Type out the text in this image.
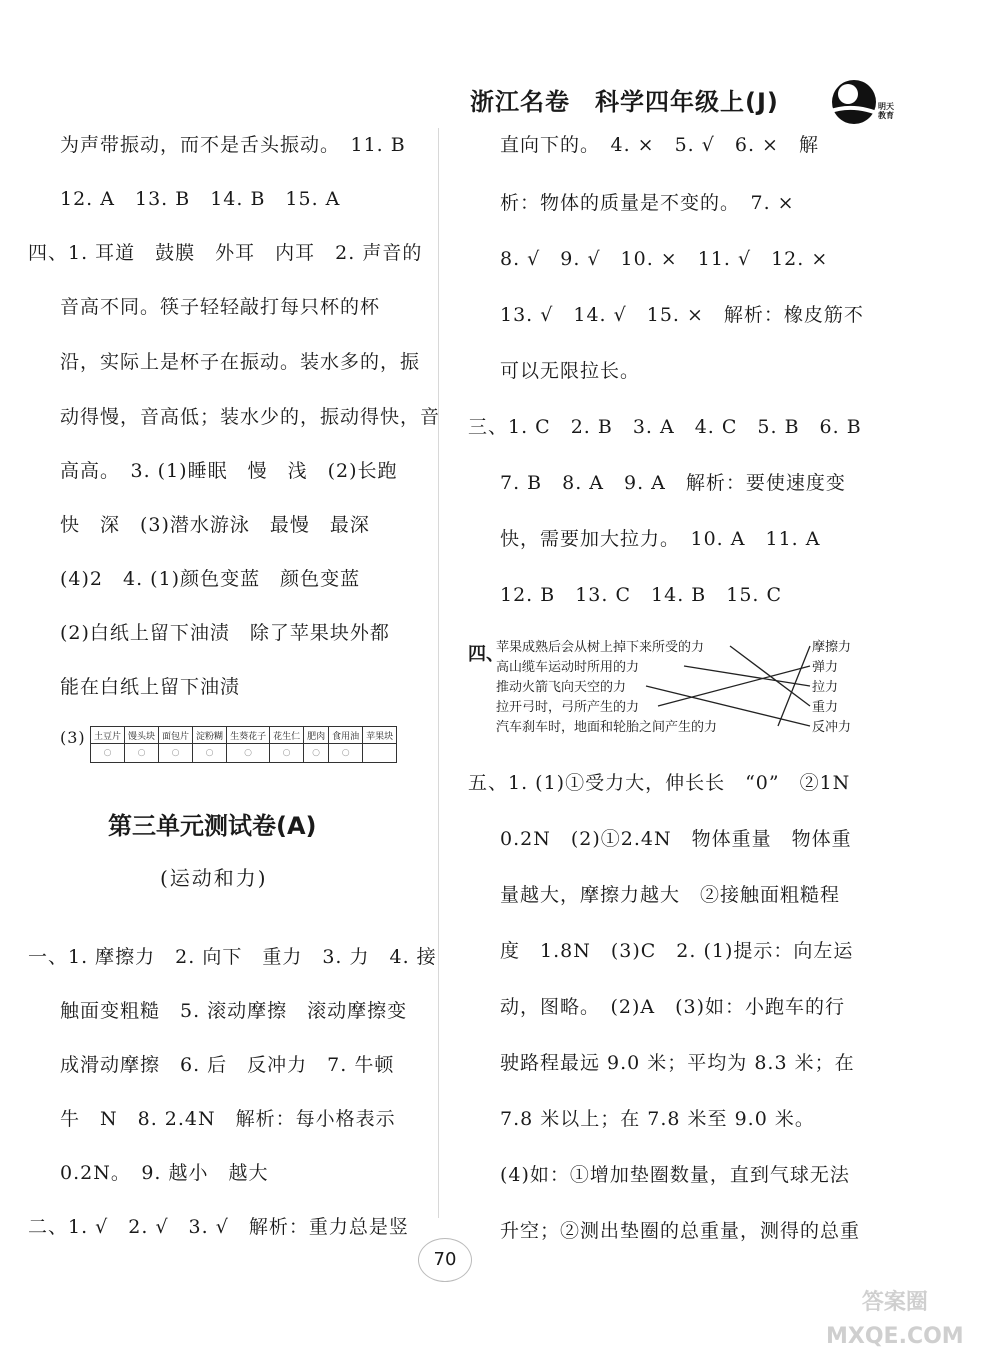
浙江名卷　科学四年级上(J)	明天教育
为声带振动，而不是舌头振动。　11. B
12. A　13. B　14. B　15. A
四、1. 耳道　鼓膜　外耳　内耳　2. 声音的
音高不同。筷子轻轻敲打每只杯的杯
沿，实际上是杯子在振动。装水多的，振
动得慢，音高低；装水少的，振动得快，音
高高。　3. (1)睡眠　慢　浅　(2)长跑
快　深　(3)潜水游泳　最慢　最深
(4)2　4. (1)颜色变蓝　颜色变蓝
(2)白纸上留下油渍　除了苹果块外都
能在白纸上留下油渍
(3) 土豆片	馒头块	面包片	淀粉糊	生葵花子	花生仁	肥肉	食用油	苹果块
○	○	○	○	○	○	○	○	
第三单元测试卷(A)
(运动和力)
一、1. 摩擦力　2. 向下　重力　3. 力　4. 接
触面变粗糙　5. 滚动摩擦　滚动摩擦变
成滑动摩擦　6. 后　反冲力　7. 牛顿
牛　N　8. 2.4N　解析：每小格表示
0.2N。　9. 越小　越大
二、1. √　2. √　3. √　解析：重力总是竖
直向下的。　4. ×　5. √　6. ×　解
析：物体的质量是不变的。　7. ×
8. √　9. √　10. ×　11. √　12. ×
13. √　14. √　15. ×　解析：橡皮筋不
可以无限拉长。
三、1. C　2. B　3. A　4. C　5. B　6. B
7. B　8. A　9. A　解析：要使速度变
快，需要加大拉力。　10. A　11. A
12. B　13. C　14. B　15. C
四、
苹果成熟后会从树上掉下来所受的力
高山缆车运动时所用的力
推动火箭飞向天空的力
拉开弓时，弓所产生的力
汽车刹车时，地面和轮胎之间产生的力
摩擦力
弹力
拉力
重力
反冲力
五、1. (1)①受力大，伸长长　“0”　②1N
0.2N　(2)①2.4N　物体重量　物体重
量越大，摩擦力越大　②接触面粗糙程
度　1.8N　(3)C　2. (1)提示：向左运
动，图略。　(2)A　(3)如：小跑车的行
驶路程最远 9.0 米；平均为 8.3 米；在
7.8 米以上；在 7.8 米至 9.0 米。
(4)如：①增加垫圈数量，直到气球无法
升空；②测出垫圈的总重量，测得的总重
70
答案圈
MXQE.COM
